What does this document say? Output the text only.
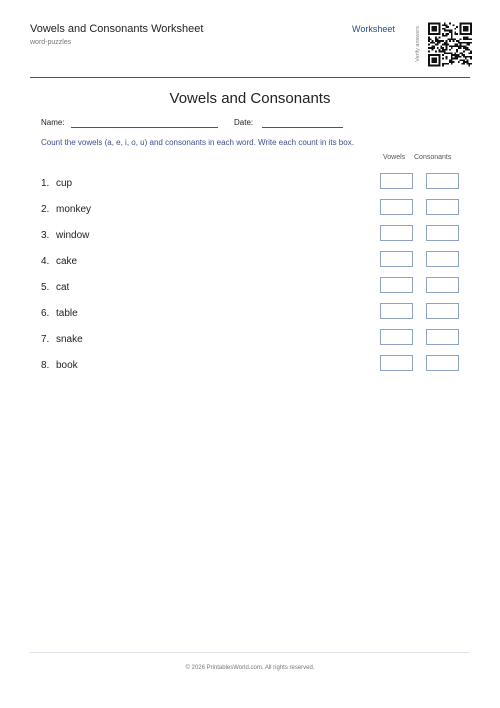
Vowels and Consonants Worksheet
word-puzzles
Worksheet	Verify answers
Vowels and Consonants
Name:	Date:
Count the vowels (a, e, i, o, u) and consonants in each word. Write each count in its box.
Vowels Consonants
1. cup
2. monkey
3. window
4. cake
5. cat
6. table
7. snake
8. book
© 2026 PrintablesWorld.com. All rights reserved.
